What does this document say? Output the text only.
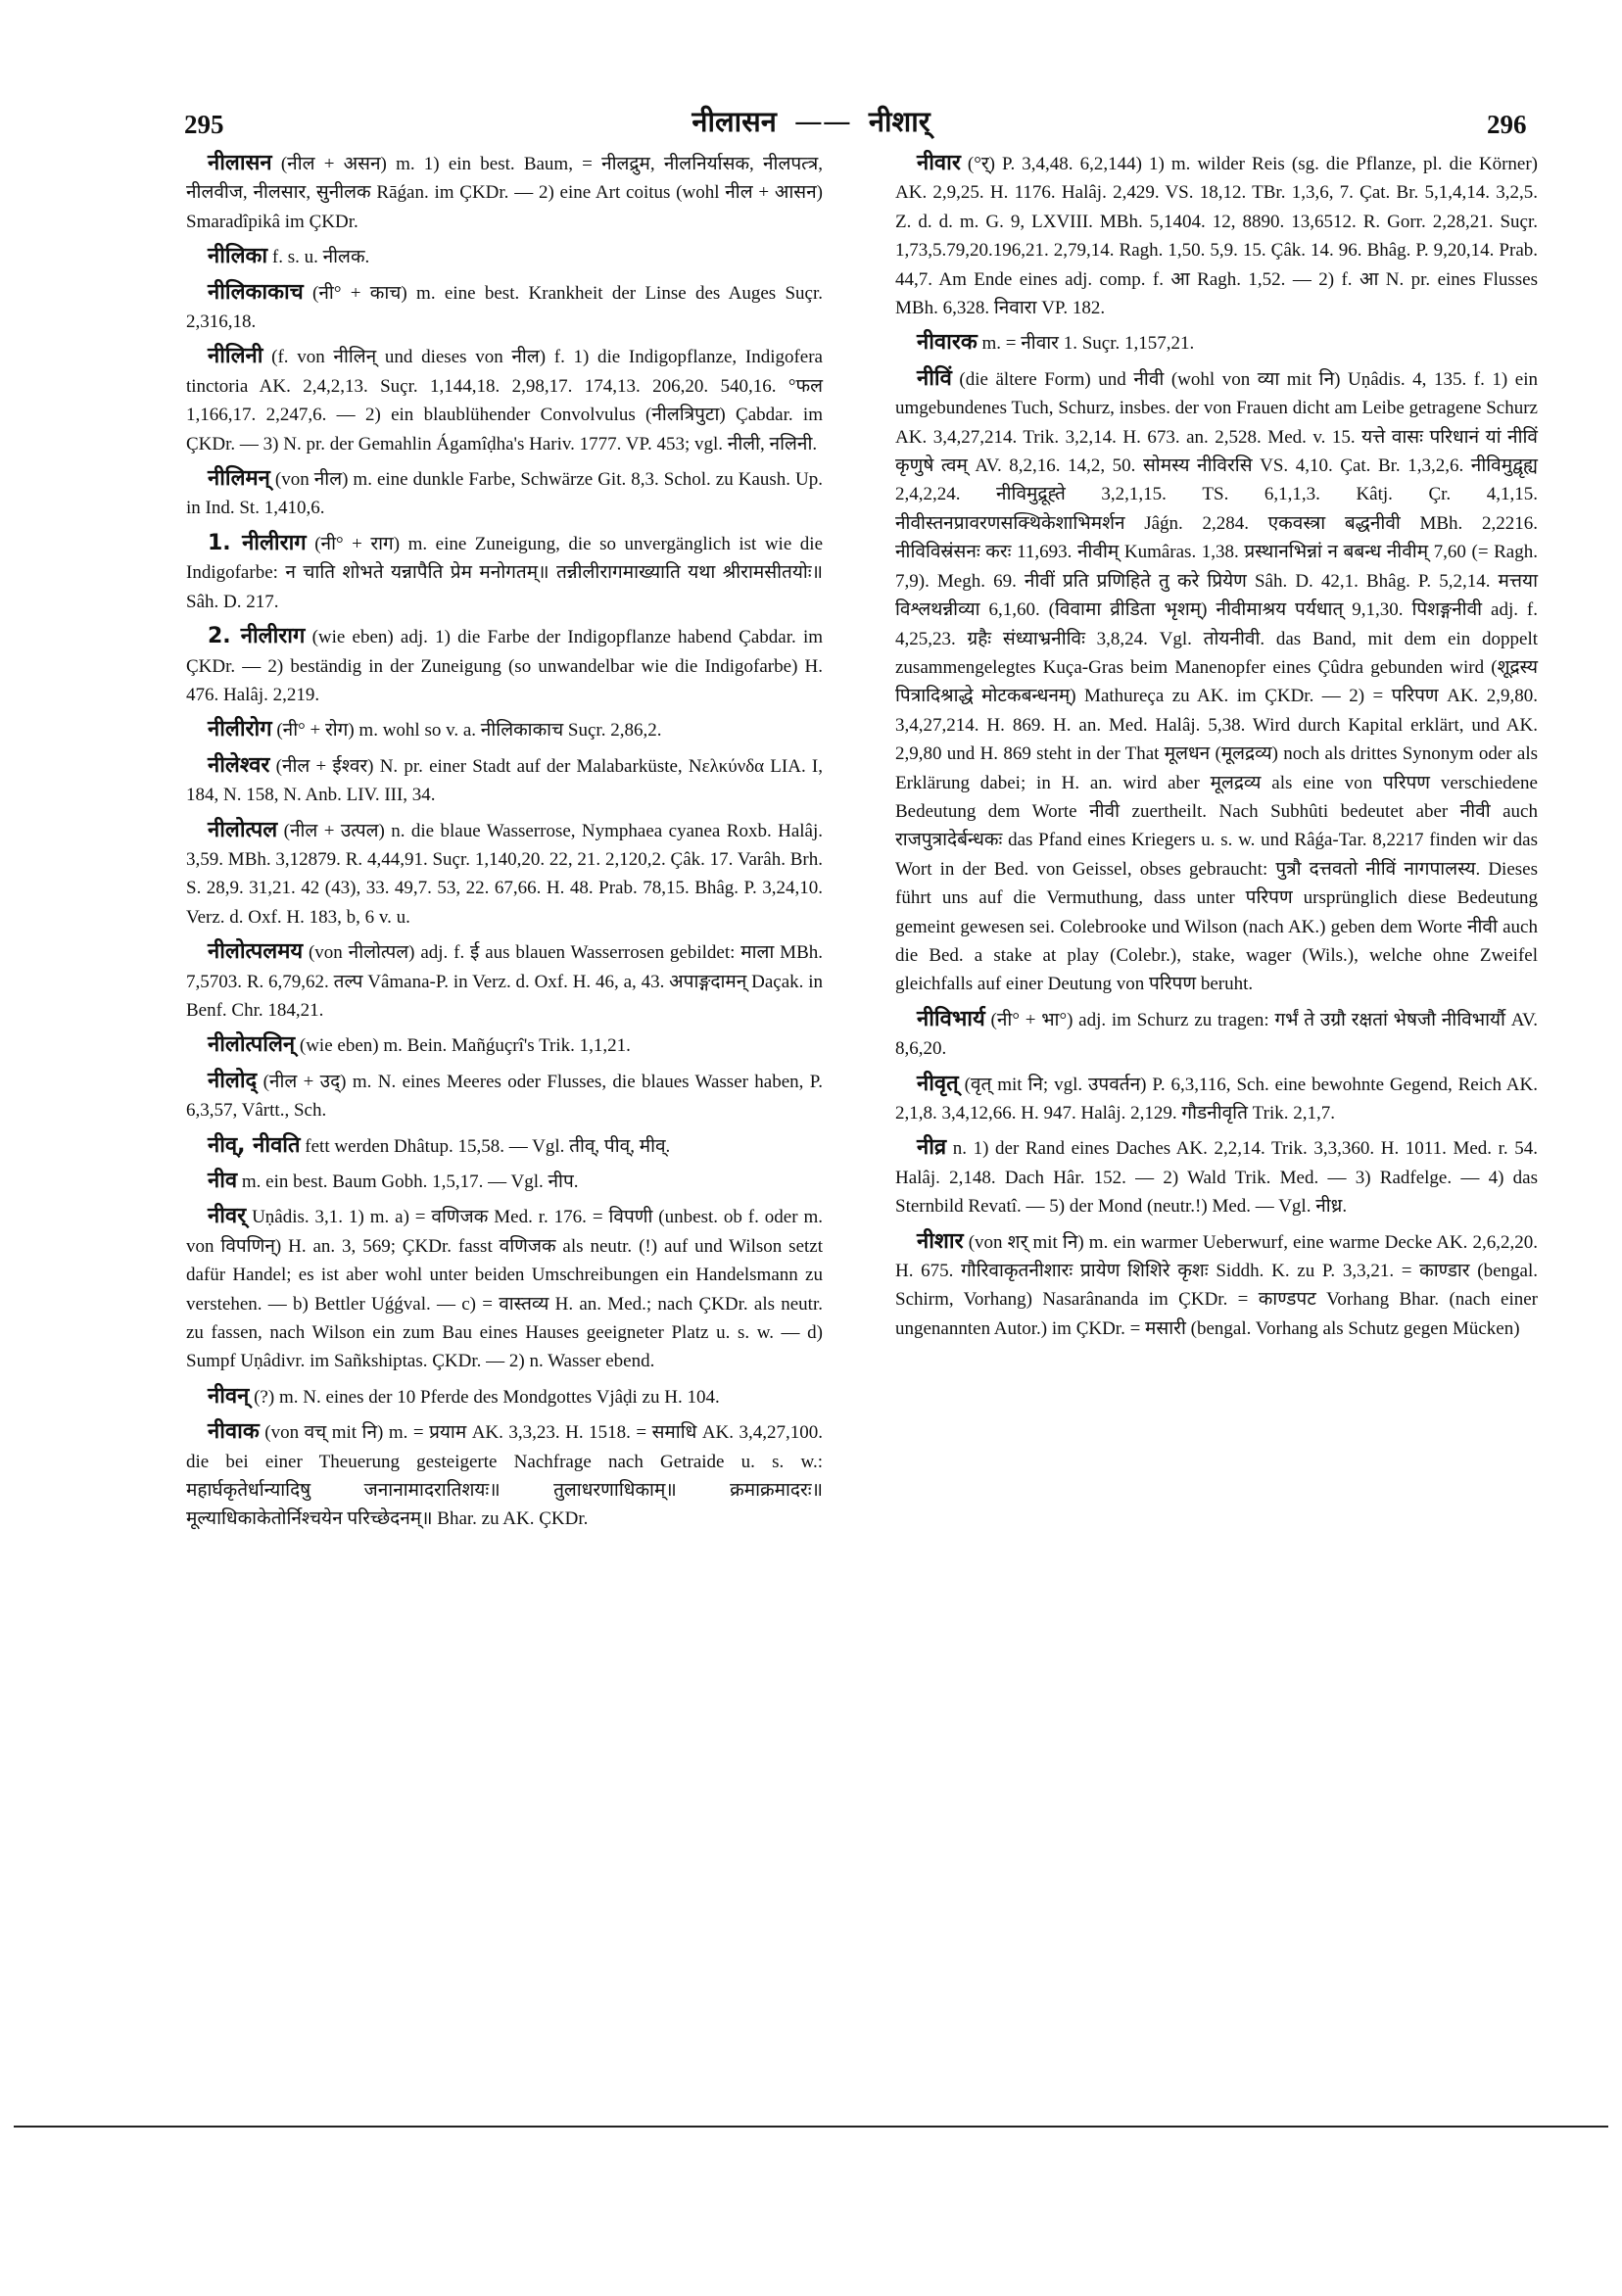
295	नीलासन —— नीशार्	296

नीलासन (नील + असन) m. 1) ein best. Baum, = नीलद्रुम, नीलनिर्यासक, नीलपत्त्र, नीलवीज, नीलसार, सुनीलक Rāǵan. im ÇKDr. — 2) eine Art coitus (wohl नील + आसन) Smaradîpikâ im ÇKDr.

नीलिका f. s. u. नीलक.

नीलिकाकाच (नी° + काच) m. eine best. Krankheit der Linse des Auges Suçr. 2,316,18.

नीलिनी (f. von नीलिन् und dieses von नील) f. 1) die Indigopflanze, Indigofera tinctoria AK. 2,4,2,13. Suçr. 1,144,18. 2,98,17. 174,13. 206,20. 540,16. °फल 1,166,17. 2,247,6. — 2) ein blaublühender Convolvulus (नीलत्रिपुटा) Çabdar. im ÇKDr. — 3) N. pr. der Gemahlin Ágamîḍha's Hariv. 1777. VP. 453; vgl. नीली, नलिनी.

नीलिमन् (von नील) m. eine dunkle Farbe, Schwärze Git. 8,3. Schol. zu Kaush. Up. in Ind. St. 1,410,6.

1. नीलीराग (नी° + राग) m. eine Zuneigung, die so unvergänglich ist wie die Indigofarbe: न चाति शोभते यन्नापैति प्रेम मनोगतम्॥ तन्नीलीरागमाख्याति यथा श्रीरामसीतयोः॥ Sâh. D. 217.

2. नीलीराग (wie eben) adj. 1) die Farbe der Indigopflanze habend Çabdar. im ÇKDr. — 2) beständig in der Zuneigung (so unwandelbar wie die Indigofarbe) H. 476. Halâj. 2,219.

नीलीरोग (नी° + रोग) m. wohl so v. a. नीलिकाकाच Suçr. 2,86,2.

नीलेश्वर (नील + ईश्वर) N. pr. einer Stadt auf der Malabarküste, Νελκύνδα LIA. I, 184, N. 158, N. Anb. LIV. III, 34.

नीलोत्पल (नील + उत्पल) n. die blaue Wasserrose, Nymphaea cyanea Roxb. Halâj. 3,59. MBh. 3,12879. R. 4,44,91. Suçr. 1,140,20. 22, 21. 2,120,2. Çâk. 17. Varâh. Brh. S. 28,9. 31,21. 42 (43), 33. 49,7. 53, 22. 67,66. H. 48. Prab. 78,15. Bhâg. P. 3,24,10. Verz. d. Oxf. H. 183, b, 6 v. u.

नीलोत्पलमय (von नीलोत्पल) adj. f. ई aus blauen Wasserrosen gebildet: माला MBh. 7,5703. R. 6,79,62. तल्प Vâmana-P. in Verz. d. Oxf. H. 46, a, 43. अपाङ्गदामन् Daçak. in Benf. Chr. 184,21.

नीलोत्पलिन् (wie eben) m. Bein. Mañǵuçrî's Trik. 1,1,21.

नीलोद् (नील + उद्) m. N. eines Meeres oder Flusses, die blaues Wasser haben, P. 6,3,57, Vârtt., Sch.

नीव्, नीवति fett werden Dhâtup. 15,58. — Vgl. तीव्, पीव्, मीव्.

नीव m. ein best. Baum Gobh. 1,5,17. — Vgl. नीप.

नीवर् Uṇâdis. 3,1. 1) m. a) = वणिजक Med. r. 176. = विपणी (unbest. ob f. oder m. von विपणिन्) H. an. 3, 569; ÇKDr. fasst वणिजक als neutr. (!) auf und Wilson setzt dafür Handel; es ist aber wohl unter beiden Umschreibungen ein Handelsmann zu verstehen. — b) Bettler Uǵǵval. — c) = वास्तव्य H. an. Med.; nach ÇKDr. als neutr. zu fassen, nach Wilson ein zum Bau eines Hauses geeigneter Platz u. s. w. — d) Sumpf Uṇâdivr. im Sañkshiptas. ÇKDr. — 2) n. Wasser ebend.

नीवन् (?) m. N. eines der 10 Pferde des Mondgottes Vjâḍi zu H. 104.

नीवाक (von वच् mit नि) m. = प्रयाम AK. 3,3,23. H. 1518. = समाधि AK. 3,4,27,100. die bei einer Theuerung gesteigerte Nachfrage nach Getraide u. s. w.: महार्घकृतेर्धान्यादिषु जनानामादरातिशयः॥ तुलाधरणाधिकाम्॥ क्रमाक्रमादरः॥ मूल्याधिकाकेतोर्निश्चयेन परिच्छेदनम्॥ Bhar. zu AK. ÇKDr.

नीवार (°र्) P. 3,4,48. 6,2,144) 1) m. wilder Reis (sg. die Pflanze, pl. die Körner) AK. 2,9,25. H. 1176. Halâj. 2,429. VS. 18,12. TBr. 1,3,6, 7. Çat. Br. 5,1,4,14. 3,2,5. Z. d. d. m. G. 9, LXVIII. MBh. 5,1404. 12, 8890. 13,6512. R. Gorr. 2,28,21. Suçr. 1,73,5.79,20.196,21. 2,79,14. Ragh. 1,50. 5,9. 15. Çâk. 14. 96. Bhâg. P. 9,20,14. Prab. 44,7. Am Ende eines adj. comp. f. आ Ragh. 1,52. — 2) f. आ N. pr. eines Flusses MBh. 6,328. निवारा VP. 182.

नीवारक m. = नीवार 1. Suçr. 1,157,21.

नीविं (die ältere Form) und नीवी (wohl von व्या mit नि) Uṇâdis. 4, 135. f. 1) ein umgebundenes Tuch, Schurz, insbes. der von Frauen dicht am Leibe getragene Schurz AK. 3,4,27,214. Trik. 3,2,14. H. 673. an. 2,528. Med. v. 15. यत्ते वासः परिधानं यां नीविं कृणुषे त्वम् AV. 8,2,16. 14,2, 50. सोमस्य नीविरसि VS. 4,10. Çat. Br. 1,3,2,6. नीविमुद्वृह्य 2,4,2,24. नीविमुद्रूह्ते 3,2,1,15. TS. 6,1,1,3. Kâtj. Çr. 4,1,15. नीवीस्तनप्रावरणसक्थिकेशाभिमर्शन Jâǵn. 2,284. एकवस्त्रा बद्धनीवी MBh. 2,2216. नीविविस्रंसनः करः 11,693. नीवीम् Kumâras. 1,38. प्रस्थानभिन्नां न बबन्ध नीवीम् 7,60 (= Ragh. 7,9). Megh. 69. नीवीं प्रति प्रणिहिते तु करे प्रियेण Sâh. D. 42,1. Bhâg. P. 5,2,14. मत्तया विश्लथन्नीव्या 6,1,60. (विवामा व्रीडिता भृशम्) नीवीमाश्रय पर्यधात् 9,1,30. पिशङ्गनीवी adj. f. 4,25,23. ग्रहैः संध्याभ्रनीविः 3,8,24. Vgl. तोयनीवी. das Band, mit dem ein doppelt zusammengelegtes Kuça-Gras beim Manenopfer eines Çûdra gebunden wird (शूद्रस्य पित्रादिश्राद्धे मोटकबन्धनम्) Mathureça zu AK. im ÇKDr. — 2) = परिपण AK. 2,9,80. 3,4,27,214. H. 869. H. an. Med. Halâj. 5,38. Wird durch Kapital erklärt, und AK. 2,9,80 und H. 869 steht in der That मूलधन (मूलद्रव्य) noch als drittes Synonym oder als Erklärung dabei; in H. an. wird aber मूलद्रव्य als eine von परिपण verschiedene Bedeutung dem Worte नीवी zuertheilt. Nach Subhûti bedeutet aber नीवी auch राजपुत्रादेर्बन्धकः das Pfand eines Kriegers u. s. w. und Râǵa-Tar. 8,2217 finden wir das Wort in der Bed. von Geissel, obses gebraucht: पुत्रौ दत्तवतो नीविं नागपालस्य. Dieses führt uns auf die Vermuthung, dass unter परिपण ursprünglich diese Bedeutung gemeint gewesen sei. Colebrooke und Wilson (nach AK.) geben dem Worte नीवी auch die Bed. a stake at play (Colebr.), stake, wager (Wils.), welche ohne Zweifel gleichfalls auf einer Deutung von परिपण beruht.

नीविभार्य (नी° + भा°) adj. im Schurz zu tragen: गर्भं ते उग्रौ रक्षतां भेषजौ नीविभार्यौ AV. 8,6,20.

नीवृत् (वृत् mit नि; vgl. उपवर्तन) P. 6,3,116, Sch. eine bewohnte Gegend, Reich AK. 2,1,8. 3,4,12,66. H. 947. Halâj. 2,129. गौडनीवृति Trik. 2,1,7.

नीव्र n. 1) der Rand eines Daches AK. 2,2,14. Trik. 3,3,360. H. 1011. Med. r. 54. Halâj. 2,148. Dach Hâr. 152. — 2) Wald Trik. Med. — 3) Radfelge. — 4) das Sternbild Revatî. — 5) der Mond (neutr.!) Med. — Vgl. नीध्र.

नीशार (von शर् mit नि) m. ein warmer Ueberwurf, eine warme Decke AK. 2,6,2,20. H. 675. गौरिवाकृतनीशारः प्रायेण शिशिरे कृशः Siddh. K. zu P. 3,3,21. = काण्डार (bengal. Schirm, Vorhang) Nasarânanda im ÇKDr. = काण्डपट Vorhang Bhar. (nach einer ungenannten Autor.) im ÇKDr. = मसारी (bengal. Vorhang als Schutz gegen Mücken)
